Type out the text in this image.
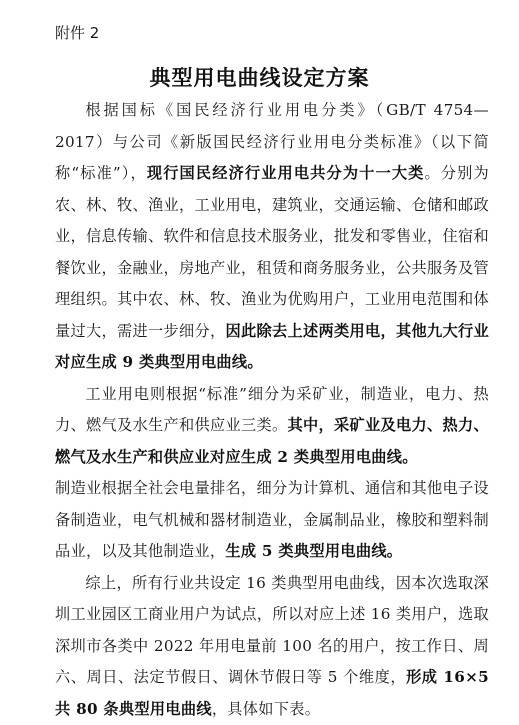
附件 2
典型用电曲线设定方案

根据国标《国民经济行业用电分类》（GB/T 4754—2017）与公司《新版国民经济行业用电分类标准》（以下简称“标准”），现行国民经济行业用电共分为十一大类。分别为农、林、牧、渔业，工业用电，建筑业，交通运输、仓储和邮政业，信息传输、软件和信息技术服务业，批发和零售业，住宿和餐饮业，金融业，房地产业，租赁和商务服务业，公共服务及管理组织。其中农、林、牧、渔业为优购用户，工业用电范围和体量过大，需进一步细分，因此除去上述两类用电，其他九大行业对应生成 9 类典型用电曲线。

工业用电则根据“标准”细分为采矿业，制造业，电力、热力、燃气及水生产和供应业三类。其中，采矿业及电力、热力、燃气及水生产和供应业对应生成 2 类典型用电曲线。

制造业根据全社会电量排名，细分为计算机、通信和其他电子设备制造业，电气机械和器材制造业，金属制品业，橡胶和塑料制品业，以及其他制造业，生成 5 类典型用电曲线。

综上，所有行业共设定 16 类典型用电曲线，因本次选取深圳工业园区工商业用户为试点，所以对应上述 16 类用户，选取深圳市各类中 2022 年用电量前 100 名的用户，按工作日、周六、周日、法定节假日、调休节假日等 5 个维度，形成 16×5 共 80 条典型用电曲线，具体如下表。
